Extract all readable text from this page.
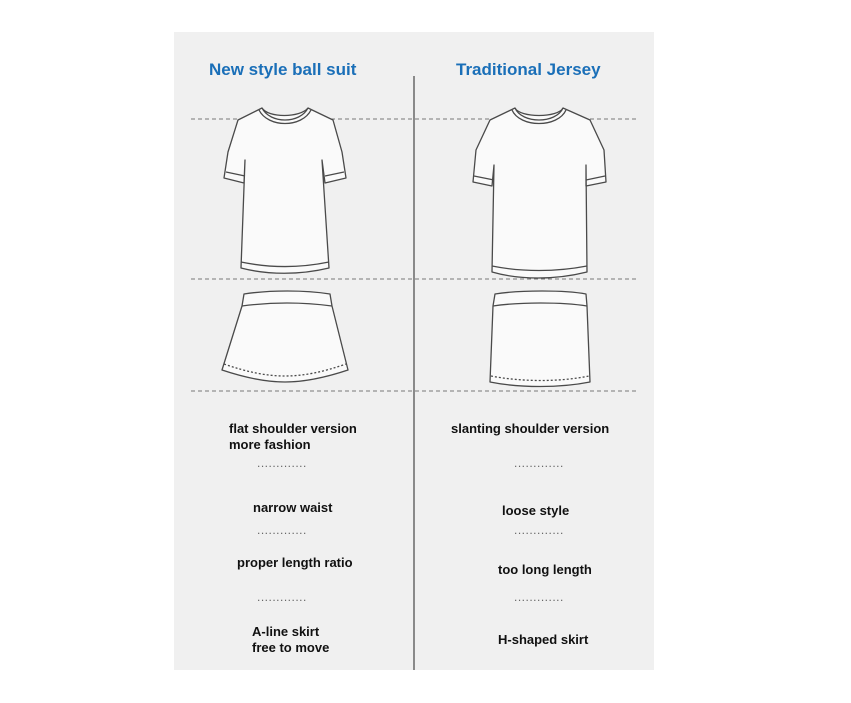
New style ball suit	Traditional Jersey
flat shoulder version
more fashion
.............
narrow waist
.............
proper length ratio
.............
A-line skirt
free to move
slanting shoulder version
.............
loose style
.............
too long length
.............
H-shaped skirt
